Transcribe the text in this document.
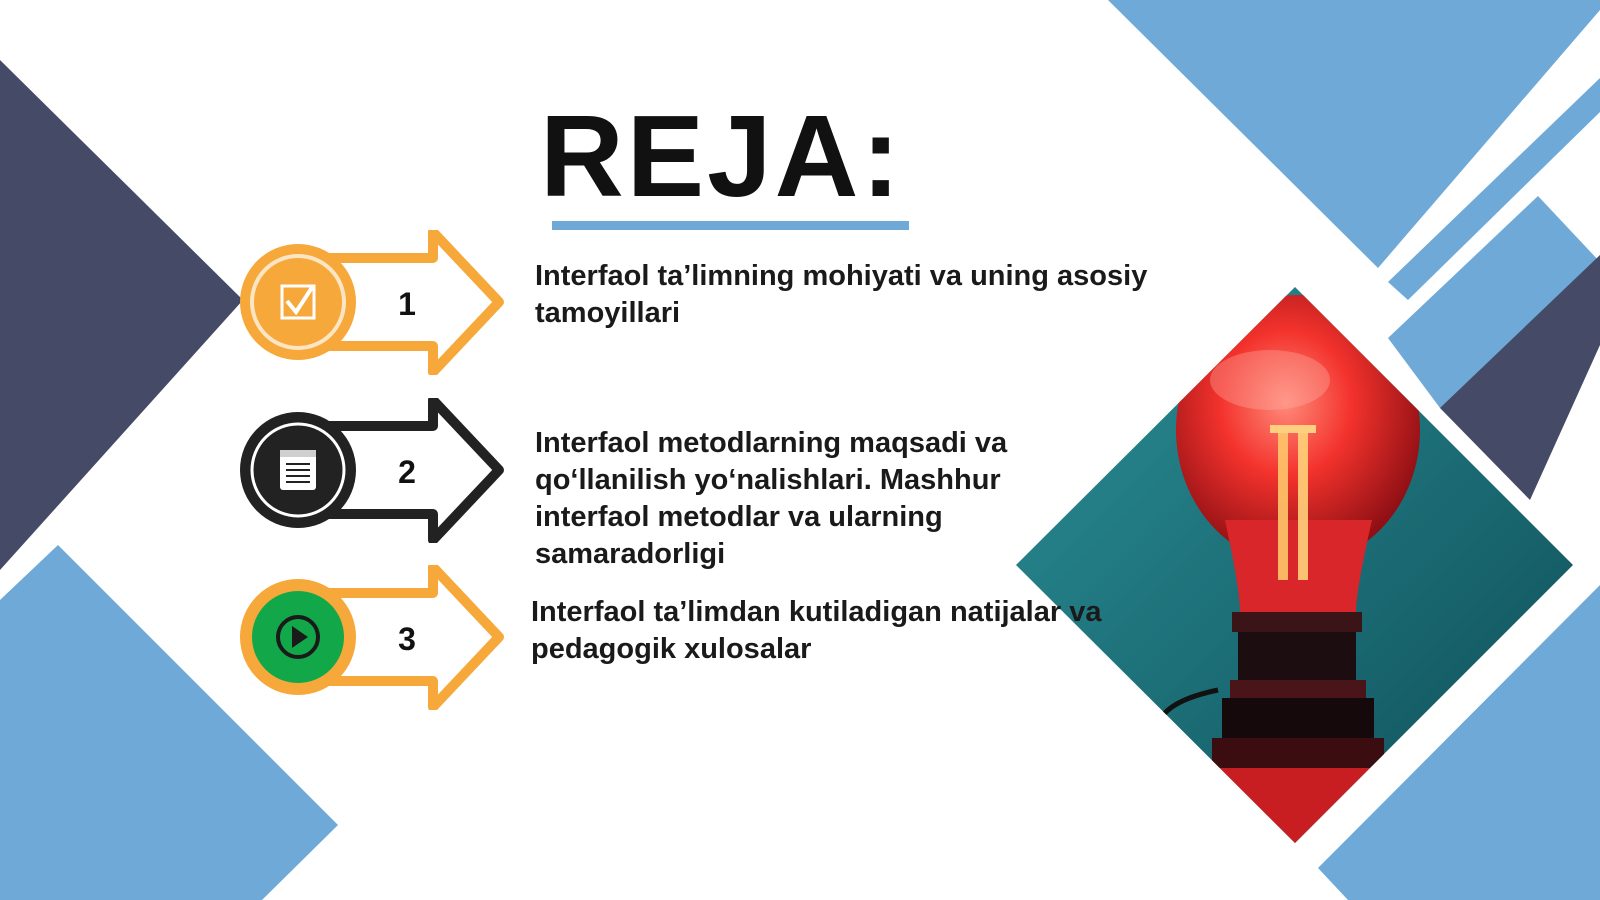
REJA:
1
2
3

Interfaol ta’limning mohiyati va uning asosiy tamoyillari

Interfaol metodlarning maqsadi va qo‘llanilish yo‘nalishlari. Mashhur interfaol metodlar va ularning samaradorligi

Interfaol ta’limdan kutiladigan natijalar va pedagogik xulosalar
